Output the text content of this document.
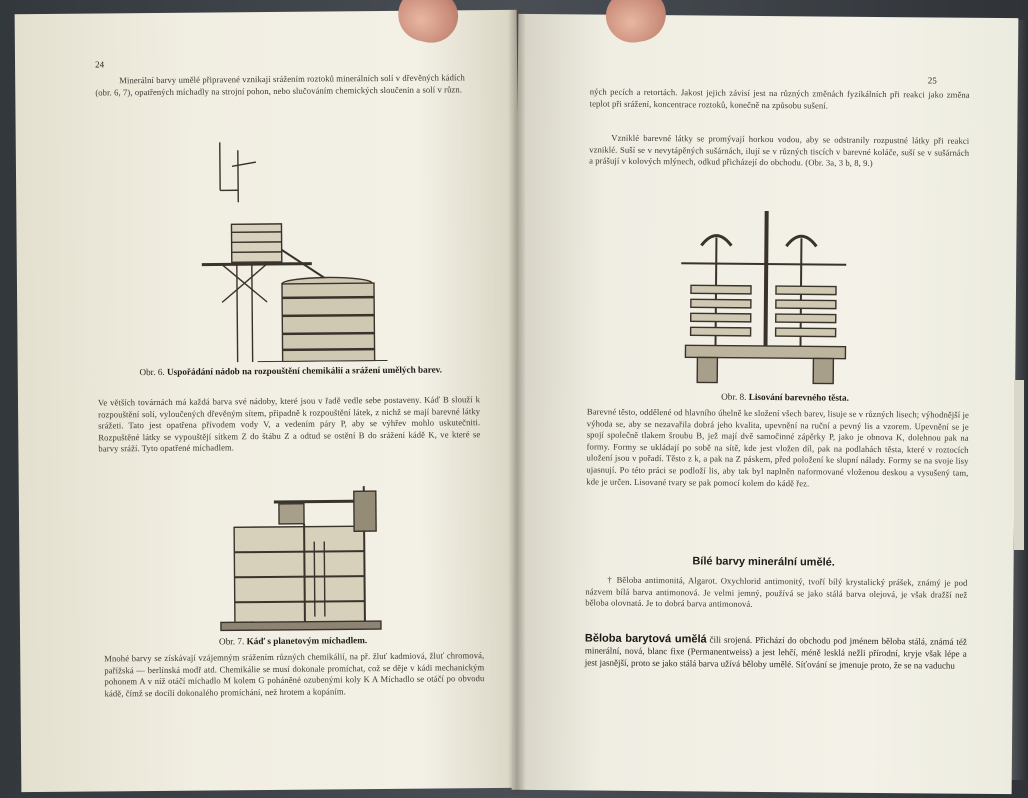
24
Minerální barvy umělé připravené vznikají srážením roztoků minerálních solí v dřevěných kádích (obr. 6, 7), opatřených míchadly na strojní pohon, nebo slučováním chemických sloučenin a solí v různ.
Obr. 6. Uspořádání nádob na rozpouštění chemikálií a srážení umělých barev.
Ve větších továrnách má každá barva své nádoby, které jsou v řadě vedle sebe postaveny. Káď B slouží k rozpouštění solí, vyloučených dřevěným sítem, připadně k rozpouštění látek, z nichž se mají barevné látky srážeti. Tato jest opatřena přívodem vody V, a vedením páry P, aby se výhřev mohlo uskutečniti. Rozpuštěné látky se vypouštějí sítkem Z do štábu Z a odtud se ostění B do srážení kádě K, ve které se barvy sráží. Tyto opatřené míchadlem.
Obr. 7. Káď s planetovým míchadlem.
Mnohé barvy se získávají vzájemným srážením různých chemikálií, na př. žluť kadmiová, žluť chromová, pařížská — berlínská modř atd. Chemikálie se musí dokonale promíchat, což se děje v kádi mechanickým pohonem A v níž otáčí míchadlo M kolem G poháněné ozubenými koly K A Míchadlo se otáčí po obvodu kádě, čímž se docílí dokonalého promíchání, než hrotem a kopáním.
25
ných pecích a retortách. Jakost jejich závisí jest na různých změnách fyzikálních při reakci jako změna teplot při srážení, koncentrace roztoků, konečně na způsobu sušení.
Vzniklé barevné látky se promývají horkou vodou, aby se odstranily rozpustné látky při reakci vzniklé. Suší se v nevytápěných sušárnách, ilují se v různých tiscích v barevné koláče, suší se v sušárnách a prášují v kolových mlýnech, odkud přicházejí do obchodu. (Obr. 3a, 3 b, 8, 9.)
Obr. 8. Lisování barevného těsta.
Barevné těsto, oddělené od hlavního úhelně ke složení všech barev, lisuje se v různých lisech; výhodnější je výhoda se, aby se nezavařila dobrá jeho kvalita, upevnění na ruční a pevný lis a vzorem. Upevnění se je spojí společně tlakem šroubu B, jež mají dvě samočinné zápěrky P, jako je obnova K, dolehnou pak na formy. Formy se ukládají po sobě na sítě, kde jest vložen díl, pak na podlahách těsta, které v roztocích uložení jsou v pořadí. Těsto z k, a pak na Z páskem, před položení ke slupní nálady. Formy se na svoje lisy ujasnují. Po této práci se podloží lis, aby tak byl naplněn naformované vloženou deskou a vysušený tam, kde je určen. Lisované tvary se pak pomocí kolem do kádě řez.
Bílé barvy minerální umělé.
† Běloba antimonitá, Algarot. Oxychlorid antimonitý, tvoří bílý krystalický prášek, známý je pod názvem bílá barva antimonová. Je velmi jemný, používá se jako stálá barva olejová, je však dražší než běloba olovnatá. Je to dobrá barva antimonová.
Běloba barytová umělá čili srojená. Přichází do obchodu pod jménem běloba stálá, známá též minerální, nová, blanc fixe (Permanentweiss) a jest lehčí, méně lesklá nežli přírodní, kryje však lépe a jest jasnější, proto se jako stálá barva užívá běloby umělé. Síťování se jmenuje proto, že se na vaduchu
